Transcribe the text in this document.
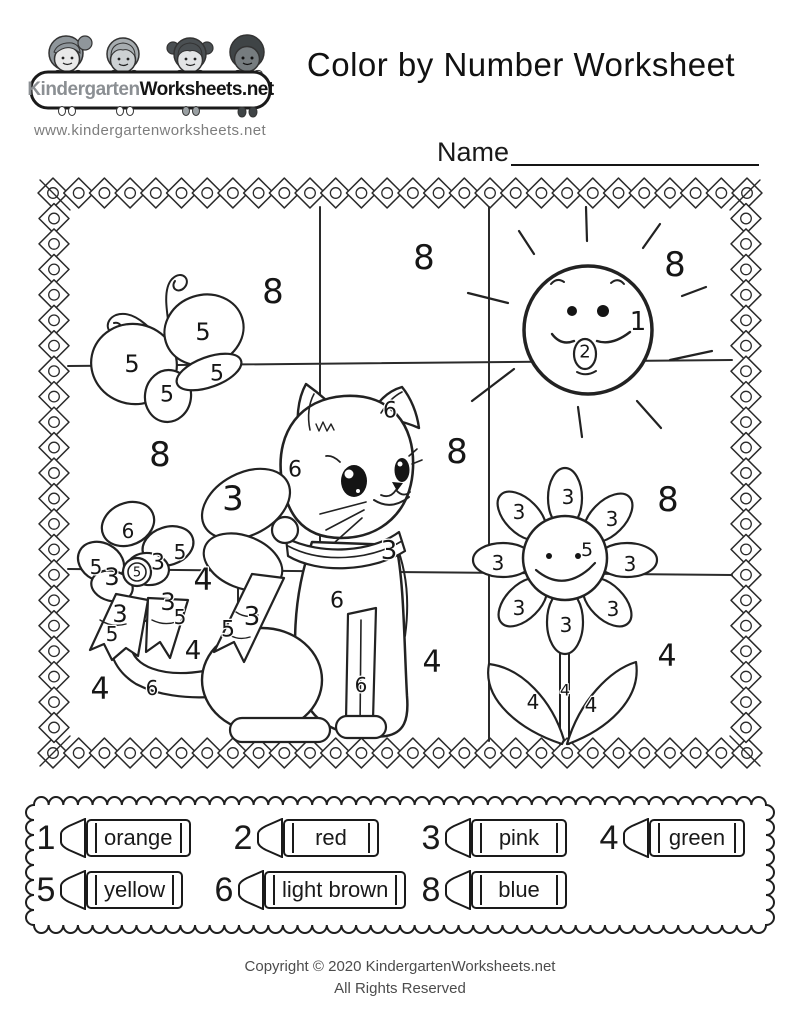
Kindergarten Worksheets.net
www.kindergartenworksheets.net
Color by Number Worksheet
Name
8
8	8
8	8
8
1
2
5
5	5
5
6
6
6
6
6
3
3
3
5
6
5 3 5 3 5
3
5
3
5
4
4
4	4
4
3
3	3
3	3
3	3
3
5
4
4 4
1 orange 2	red 3	pink 4 green
5 yellow 6 light brown 8	blue
Copyright © 2020 KindergartenWorksheets.net
All Rights Reserved
